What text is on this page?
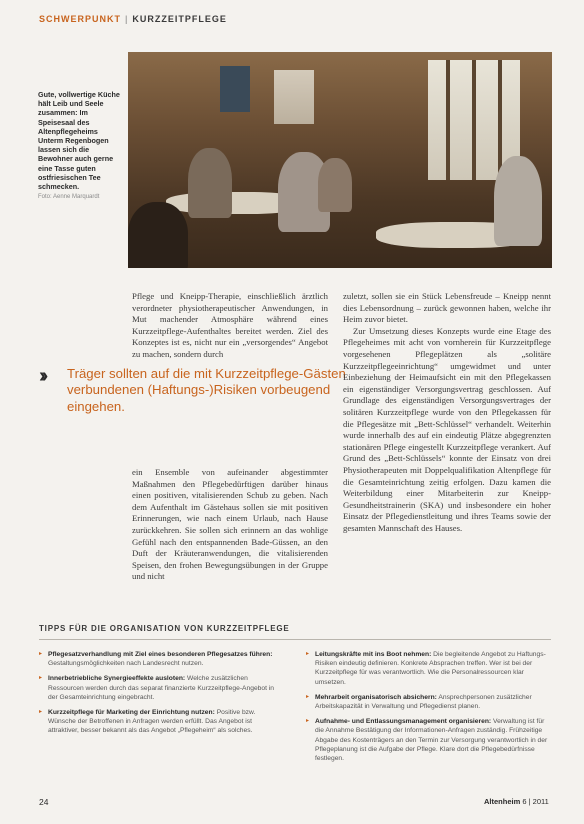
SCHWERPUNKT | KURZZEITPFLEGE
Gute, vollwertige Küche hält Leib und Seele zusammen: Im Speisesaal des Altenpflegeheims Unterm Regenbogen lassen sich die Bewohner auch gerne eine Tasse guten ostfriesischen Tee schmecken.
Foto: Aenne Marquardt

Pflege und Kneipp-Therapie, einschließlich ärztlich verordneter physiotherapeutischer Anwendungen, in Mut machender Atmosphäre während eines Kurzzeitpflege-Aufenthaltes bereitet werden. Ziel des Konzeptes ist es, nicht nur ein „versorgendes“ Angebot zu machen, sondern durch

›› Träger sollten auf die mit Kurzzeitpflege-Gästen verbundenen (Haftungs-)Risiken vorbeugend eingehen.

ein Ensemble von aufeinander abgestimmter Maßnahmen den Pflegebedürftigen darüber hinaus einen positiven, vitalisierenden Schub zu geben. Nach dem Aufenthalt im Gästehaus sollen sie mit positiven Erinnerungen, wie nach einem Urlaub, nach Hause zurückkehren. Sie sollen sich erinnern an das wohlige Gefühl nach den entspannenden Bade-Güssen, an den Duft der Kräuteranwendungen, die vitalisierenden Speisen, den frohen Bewegungsübungen in der Gruppe und nicht

zuletzt, sollen sie ein Stück Lebensfreude – Kneipp nennt dies Lebensordnung – zurück gewonnen haben, welche ihr Heim zuvor bietet.

Zur Umsetzung dieses Konzepts wurde eine Etage des Pflegeheimes mit acht von vornherein für Kurzzeitpflege vorgesehenen Pflegeplätzen als „solitäre Kurzzeitpflegeeinrichtung“ umgewidmet und unter Einbeziehung der Heimaufsicht ein mit den Pflegekassen ein eigenständiger Versorgungsvertrag geschlossen. Auf Grundlage des eigenständigen Versorgungsvertrages der solitären Kurzzeitpflege wurde von den Pflegekassen für die Pflegesätze mit „Bett-Schlüssel“ verhandelt. Weiterhin wurde innerhalb des auf ein eindeutig Plätze abgegrenzten stationären Pflege eingestellt Kurzzeitpflege verankert. Auf Grund des „Bett-Schlüssels“ konnte der Einsatz von drei Physiotherapeuten mit Doppelqualifikation Altenpflege für die Gesamteinrichtung zeitig erfolgen. Dazu kamen die Weiterbildung einer Mitarbeiterin zur Kneipp-Gesundheitstrainerin (SKA) und insbesondere ein hoher Einsatz der Pflegedienstleitung und ihres Teams sowie der gesamten Mannschaft des Hauses.

TIPPS FÜR DIE ORGANISATION VON KURZZEITPFLEGE
▸ Pflegesatzverhandlung mit Ziel eines besonderen Pflegesatzes führen: Gestaltungsmöglichkeiten nach Landesrecht nutzen.
▸ Innerbetriebliche Synergieeffekte ausloten: Welche zusätzlichen Ressourcen werden durch das separat finanzierte Kurzzeitpflege-Angebot in der Gesamteinrichtung eingebracht.
▸ Kurzzeitpflege für Marketing der Einrichtung nutzen: Positive bzw. Wünsche der Betroffenen in Anfragen werden erfüllt. Das Angebot ist attraktiver, besser bekannt als das Angebot „Pflegeheim“ als solches.
▸ Leitungskräfte mit ins Boot nehmen: Die begleitende Angebot zu Haftungs-Risiken eindeutig definieren. Konkrete Absprachen treffen. Wer ist bei der Kurzzeitpflege für was verantwortlich. Wie die Personalressourcen klar umsetzen.
▸ Mehrarbeit organisatorisch absichern: Ansprechpersonen zusätzlicher Arbeitskapazität in Verwaltung und Pflegedienst planen.
▸ Aufnahme- und Entlassungsmanagement organisieren: Verwaltung ist für die Annahme Bestätigung der Informationen-Anfragen zuständig. Frühzeitige Abgabe des Kostenträgers an den Termin zur Versorgung verantwortlich in der Pflegeplanung ist die Aufgabe der Pflege. Klare dort die Pflegebedürfnisse festlegen.
24	Altenheim 6 | 2011
